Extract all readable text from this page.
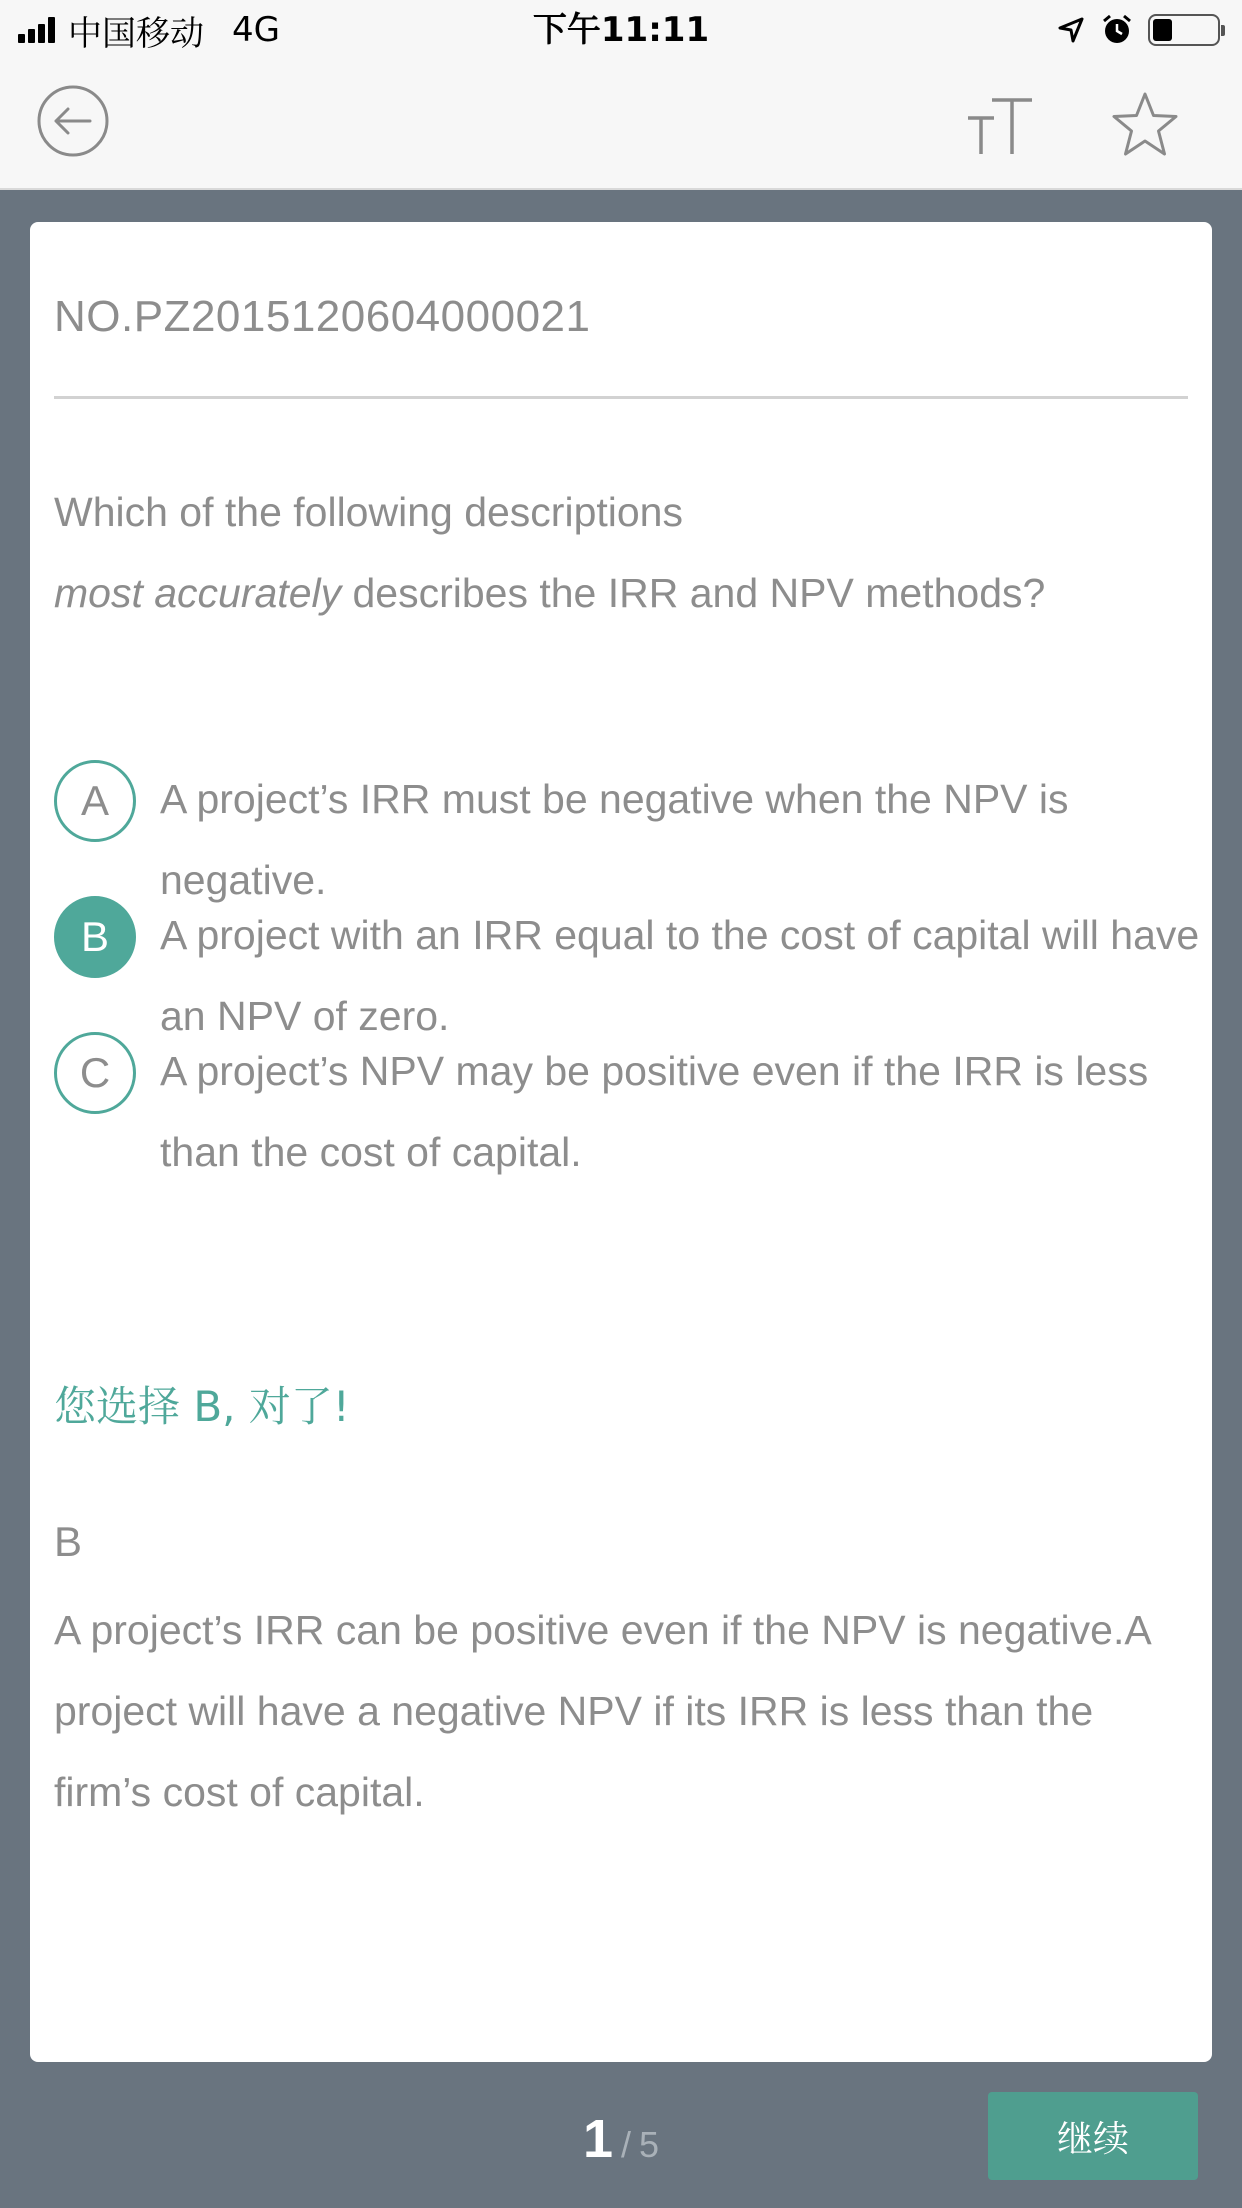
中国移动 4G	下午11:11
NO.PZ2015120604000021
Which of the following descriptions
most accurately describes the IRR and NPV methods?
A	A project’s IRR must be negative when the NPV is negative.
B	A project with an IRR equal to the cost of capital will have an NPV of zero.
C	A project’s NPV may be positive even if the IRR is less than the cost of capital.
您选择 B, 对了!
B
A project’s IRR can be positive even if the NPV is negative.A project will have a negative NPV if its IRR is less than the firm’s cost of capital.
1 / 5	继续
